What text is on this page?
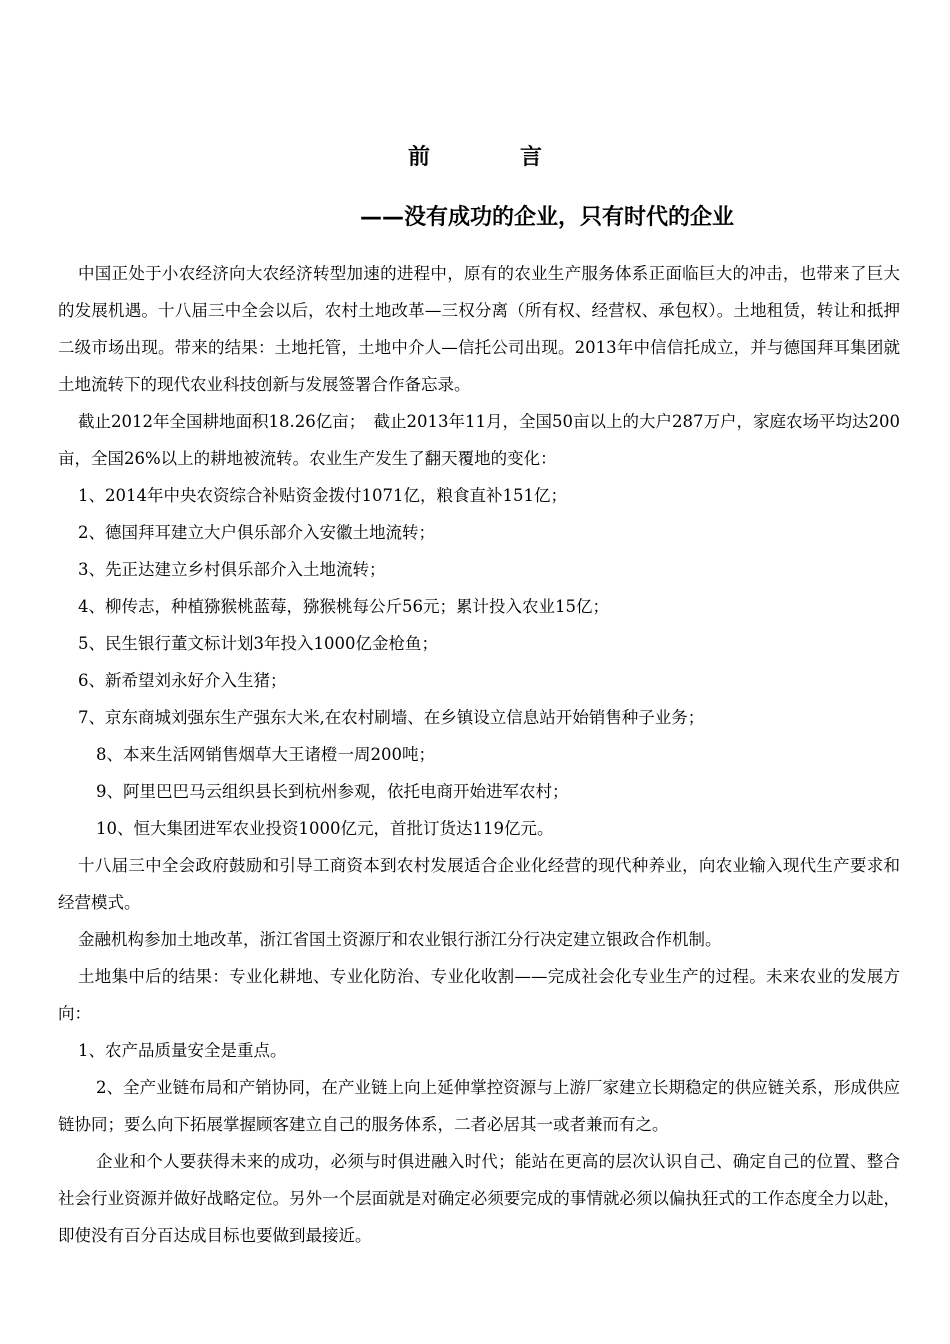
前　言
——没有成功的企业，只有时代的企业

中国正处于小农经济向大农经济转型加速的进程中，原有的农业生产服务体系正面临巨大的冲击，也带来了巨大的发展机遇。十八届三中全会以后，农村土地改革—三权分离（所有权、经营权、承包权）。土地租赁，转让和抵押二级市场出现。带来的结果：土地托管，土地中介人—信托公司出现。2013年中信信托成立，并与德国拜耳集团就土地流转下的现代农业科技创新与发展签署合作备忘录。

截止2012年全国耕地面积18.26亿亩；　截止2013年11月，全国50亩以上的大户287万户，家庭农场平均达200亩，全国26%以上的耕地被流转。农业生产发生了翻天覆地的变化：

1、2014年中央农资综合补贴资金拨付1071亿，粮食直补151亿；

2、德国拜耳建立大户俱乐部介入安徽土地流转；

3、先正达建立乡村俱乐部介入土地流转；

4、柳传志，种植猕猴桃蓝莓，猕猴桃每公斤56元；累计投入农业15亿；

5、民生银行董文标计划3年投入1000亿金枪鱼；

6、新希望刘永好介入生猪；

7、京东商城刘强东生产强东大米,在农村刷墙、在乡镇设立信息站开始销售种子业务；

8、本来生活网销售烟草大王诸橙一周200吨；

9、阿里巴巴马云组织县长到杭州参观，依托电商开始进军农村；

10、恒大集团进军农业投资1000亿元，首批订货达119亿元。

十八届三中全会政府鼓励和引导工商资本到农村发展适合企业化经营的现代种养业，向农业输入现代生产要求和经营模式。

金融机构参加土地改革，浙江省国土资源厅和农业银行浙江分行决定建立银政合作机制。

土地集中后的结果：专业化耕地、专业化防治、专业化收割——完成社会化专业生产的过程。未来农业的发展方向：

1、农产品质量安全是重点。

2、全产业链布局和产销协同，在产业链上向上延伸掌控资源与上游厂家建立长期稳定的供应链关系，形成供应链协同；要么向下拓展掌握顾客建立自己的服务体系，二者必居其一或者兼而有之。

企业和个人要获得未来的成功，必须与时俱进融入时代；能站在更高的层次认识自己、确定自己的位置、整合社会行业资源并做好战略定位。另外一个层面就是对确定必须要完成的事情就必须以偏执狂式的工作态度全力以赴，即使没有百分百达成目标也要做到最接近。
